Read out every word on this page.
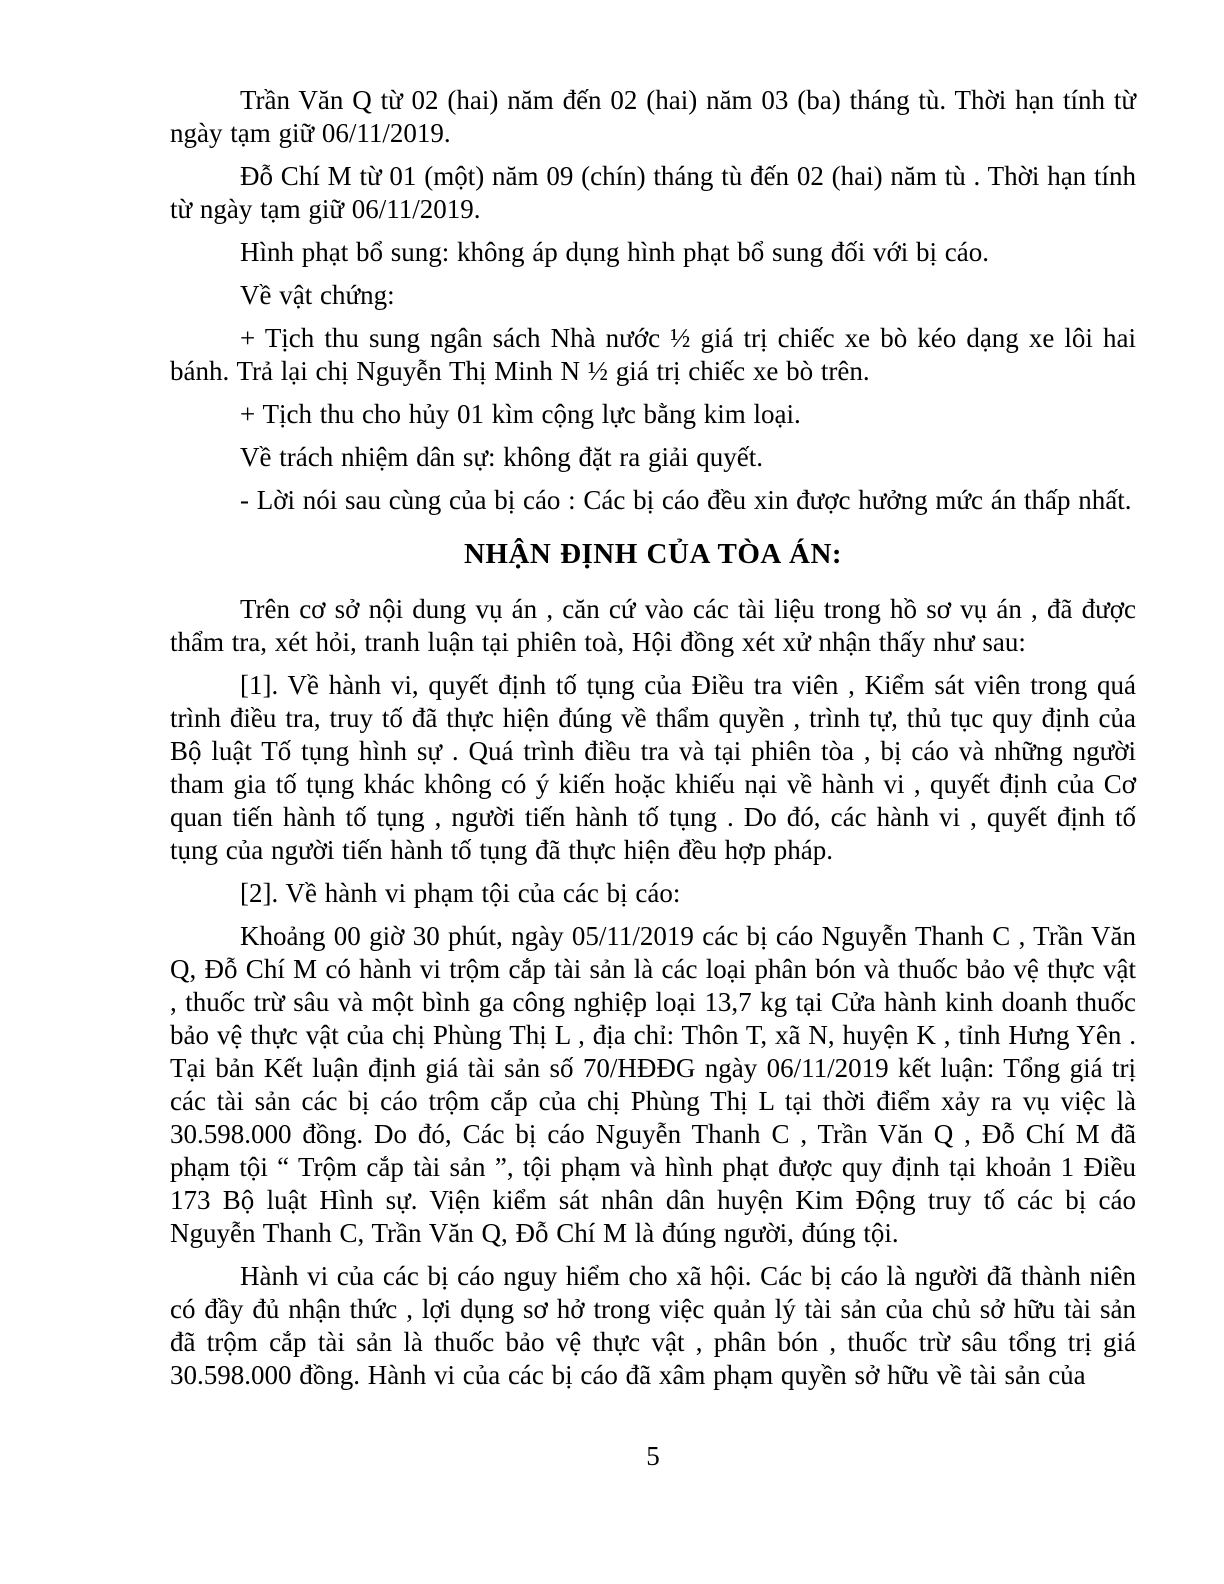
Trần Văn Q từ 02 (hai) năm đến 02 (hai) năm 03 (ba) tháng tù. Thời hạn tính từ ngày tạm giữ 06/11/2019.

Đỗ Chí M từ 01 (một) năm 09 (chín) tháng tù đến 02 (hai) năm tù . Thời hạn tính từ ngày tạm giữ 06/11/2019.

Hình phạt bổ sung: không áp dụng hình phạt bổ sung đối với bị cáo.

Về vật chứng:

+ Tịch thu sung ngân sách Nhà nước ½ giá trị chiếc xe bò kéo dạng xe lôi hai bánh. Trả lại chị Nguyễn Thị Minh N ½ giá trị chiếc xe bò trên.

+ Tịch thu cho hủy 01 kìm cộng lực bằng kim loại.

Về trách nhiệm dân sự: không đặt ra giải quyết.

- Lời nói sau cùng của bị cáo : Các bị cáo đều xin được hưởng mức án thấp nhất.

NHẬN ĐỊNH CỦA TÒA ÁN:

Trên cơ sở nội dung vụ án , căn cứ vào các tài liệu trong hồ sơ vụ án , đã được thẩm tra, xét hỏi, tranh luận tại phiên toà, Hội đồng xét xử nhận thấy như sau:

[1]. Về hành vi, quyết định tố tụng của Điều tra viên , Kiểm sát viên trong quá trình điều tra, truy tố đã thực hiện đúng về thẩm quyền , trình tự, thủ tục quy định của Bộ luật Tố tụng hình sự . Quá trình điều tra và tại phiên tòa , bị cáo và những người tham gia tố tụng khác không có ý kiến hoặc khiếu nại về hành vi , quyết định của Cơ quan tiến hành tố tụng , người tiến hành tố tụng . Do đó, các hành vi , quyết định tố tụng của người tiến hành tố tụng đã thực hiện đều hợp pháp.

[2]. Về hành vi phạm tội của các bị cáo:

Khoảng 00 giờ 30 phút, ngày 05/11/2019 các bị cáo Nguyễn Thanh C , Trần Văn Q, Đỗ Chí M có hành vi trộm cắp tài sản là các loại phân bón và thuốc bảo vệ thực vật , thuốc trừ sâu và một bình ga công nghiệp loại 13,7 kg tại Cửa hành kinh doanh thuốc bảo vệ thực vật của chị Phùng Thị L , địa chỉ: Thôn T, xã N, huyện K , tỉnh Hưng Yên . Tại bản Kết luận định giá tài sản số 70/HĐĐG ngày 06/11/2019 kết luận: Tổng giá trị các tài sản các bị cáo trộm cắp của chị Phùng Thị L tại thời điểm xảy ra vụ việc là 30.598.000 đồng. Do đó, Các bị cáo Nguyễn Thanh C , Trần Văn Q , Đỗ Chí M đã phạm tội “ Trộm cắp tài sản ”, tội phạm và hình phạt được quy định tại khoản 1 Điều 173 Bộ luật Hình sự. Viện kiểm sát nhân dân huyện Kim Động truy tố các bị cáo Nguyễn Thanh C, Trần Văn Q, Đỗ Chí M là đúng người, đúng tội.

Hành vi của các bị cáo nguy hiểm cho xã hội. Các bị cáo là người đã thành niên có đầy đủ nhận thức , lợi dụng sơ hở trong việc quản lý tài sản của chủ sở hữu tài sản đã trộm cắp tài sản là thuốc bảo vệ thực vật , phân bón , thuốc trừ sâu tổng trị giá 30.598.000 đồng. Hành vi của các bị cáo đã xâm phạm quyền sở hữu về tài sản của

5
